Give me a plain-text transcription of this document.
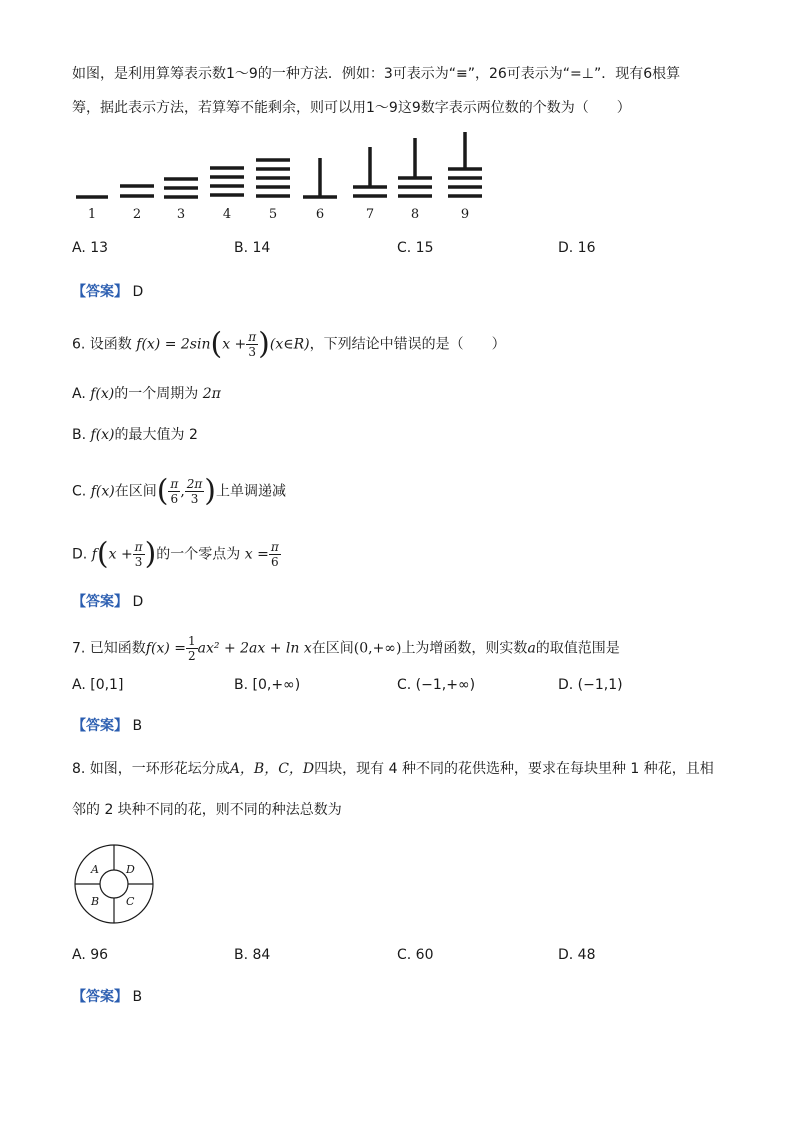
如图，是利用算筹表示数1～9的一种方法．例如：3可表示为“≡”，26可表示为“=⊥”．现有6根算
筹，据此表示方法，若算筹不能剩余，则可以用1～9这9数字表示两位数的个数为（　　）
1	2	3	4	5	6	7	8	9
A. 13	B. 14	C. 15	D. 16
【答案】 D
6. 设函数 $f(x) = 2\sin(x + \frac{\pi}{3}$ )(x∈R)，下列结论中错误的是（　　）
A. f(x)的一个周期为 2π
B. f(x)的最大值为 2
C. f(x)在区间( $\frac{\pi}{6}$ , $\frac{2\pi}{3}$ )上单调递减
D. $f(x + \frac{\pi}{3}$ )的一个零点为 $x = \frac{\pi}{6}$
【答案】 D
7. 已知函数$f(x) = \frac{1}{2} ax^2 + 2ax + \ln x$在区间(0,+∞)上为增函数，则实数a的取值范围是
A. [0,1]	B. [0,+∞)	C. (−1,+∞)	D. (−1,1)
【答案】 B
8. 如图，一环形花坛分成A，B，C，D四块，现有 4 种不同的花供选种，要求在每块里种 1 种花，且相
邻的 2 块种不同的花，则不同的种法总数为
A D
B C
A. 96	B. 84	C. 60	D. 48
【答案】 B
